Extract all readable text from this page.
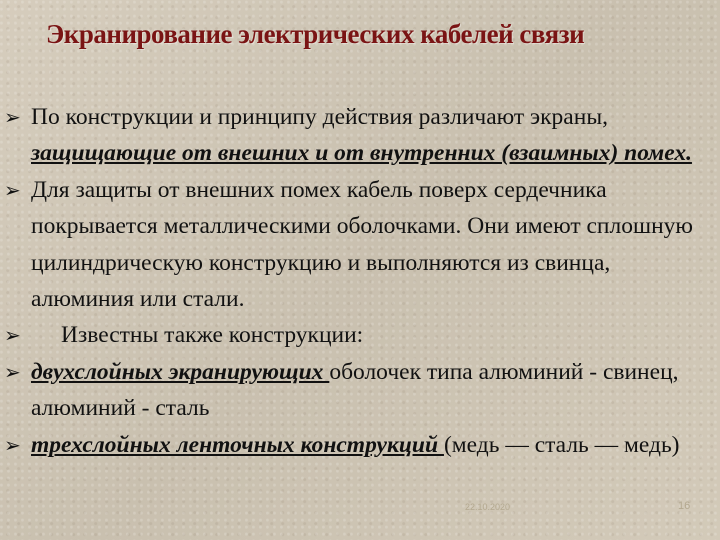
Экранирование электрических кабелей связи
➢ По конструкции и принципу действия различают экраны, защищающие от внешних и от внутренних (взаимных) помех.
➢ Для защиты от внешних помех кабель поверх сердечника покрывается металлическими оболочками. Они имеют сплошную цилиндрическую конструкцию и выполняются из свинца, алюминия или стали.
➢ Известны также конструкции:
➢ двухслойных экранирующих оболочек типа алюминий - свинец, алюминий - сталь
➢ трехслойных ленточных конструкций (медь — сталь — медь)
22.10.2020	16
